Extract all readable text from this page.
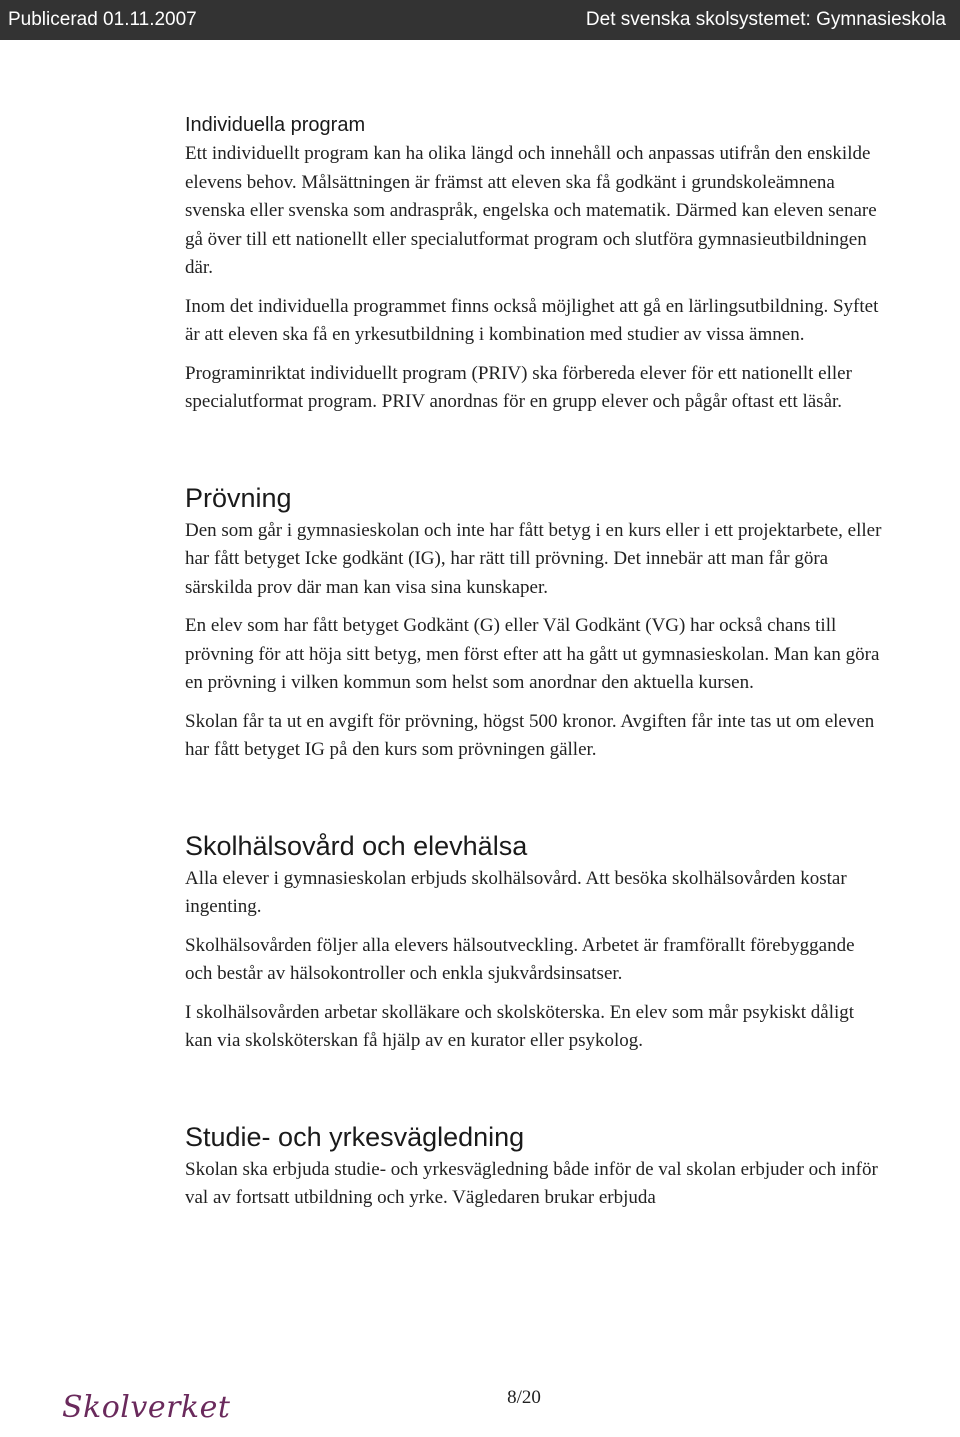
Publicerad 01.11.2007	Det svenska skolsystemet: Gymnasieskola
Individuella program

Ett individuellt program kan ha olika längd och innehåll och anpassas utifrån den enskilde elevens behov. Målsättningen är främst att eleven ska få godkänt i grundskoleämnena svenska eller svenska som andraspråk, engelska och matematik. Därmed kan eleven senare gå över till ett nationellt eller specialutformat program och slutföra gymnasieutbildningen där.

Inom det individuella programmet finns också möjlighet att gå en lärlingsutbildning. Syftet är att eleven ska få en yrkesutbildning i kombination med studier av vissa ämnen.

Programinriktat individuellt program (PRIV) ska förbereda elever för ett nationellt eller specialutformat program. PRIV anordnas för en grupp elever och pågår oftast ett läsår.

Prövning

Den som går i gymnasieskolan och inte har fått betyg i en kurs eller i ett projektarbete, eller har fått betyget Icke godkänt (IG), har rätt till prövning. Det innebär att man får göra särskilda prov där man kan visa sina kunskaper.

En elev som har fått betyget Godkänt (G) eller Väl Godkänt (VG) har också chans till prövning för att höja sitt betyg, men först efter att ha gått ut gymnasieskolan. Man kan göra en prövning i vilken kommun som helst som anordnar den aktuella kursen.

Skolan får ta ut en avgift för prövning, högst 500 kronor. Avgiften får inte tas ut om eleven har fått betyget IG på den kurs som prövningen gäller.

Skolhälsovård och elevhälsa

Alla elever i gymnasieskolan erbjuds skolhälsovård. Att besöka skolhälsovården kostar ingenting.

Skolhälsovården följer alla elevers hälsoutveckling. Arbetet är framförallt förebyggande och består av hälsokontroller och enkla sjukvårdsinsatser.

I skolhälsovården arbetar skolläkare och skolsköterska. En elev som mår psykiskt dåligt kan via skolsköterskan få hjälp av en kurator eller psykolog.

Studie- och yrkesvägledning

Skolan ska erbjuda studie- och yrkesvägledning både inför de val skolan erbjuder och inför val av fortsatt utbildning och yrke. Vägledaren brukar erbjuda

Skolverket	8/20
